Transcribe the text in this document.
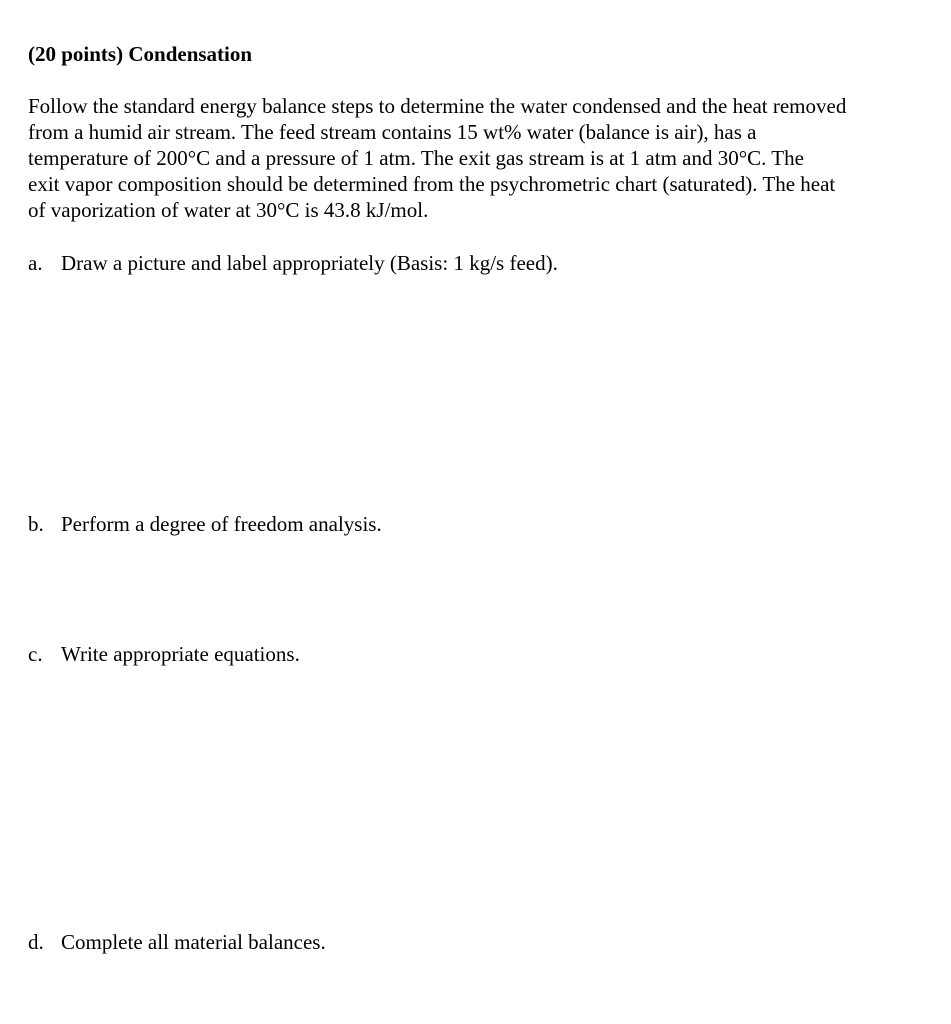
(20 points) Condensation
Follow the standard energy balance steps to determine the water condensed and the heat removed
from a humid air stream. The feed stream contains 15 wt% water (balance is air), has a
temperature of 200°C and a pressure of 1 atm. The exit gas stream is at 1 atm and 30°C. The
exit vapor composition should be determined from the psychrometric chart (saturated). The heat
of vaporization of water at 30°C is 43.8 kJ/mol.
a. Draw a picture and label appropriately (Basis: 1 kg/s feed).
b. Perform a degree of freedom analysis.
c. Write appropriate equations.
d. Complete all material balances.
